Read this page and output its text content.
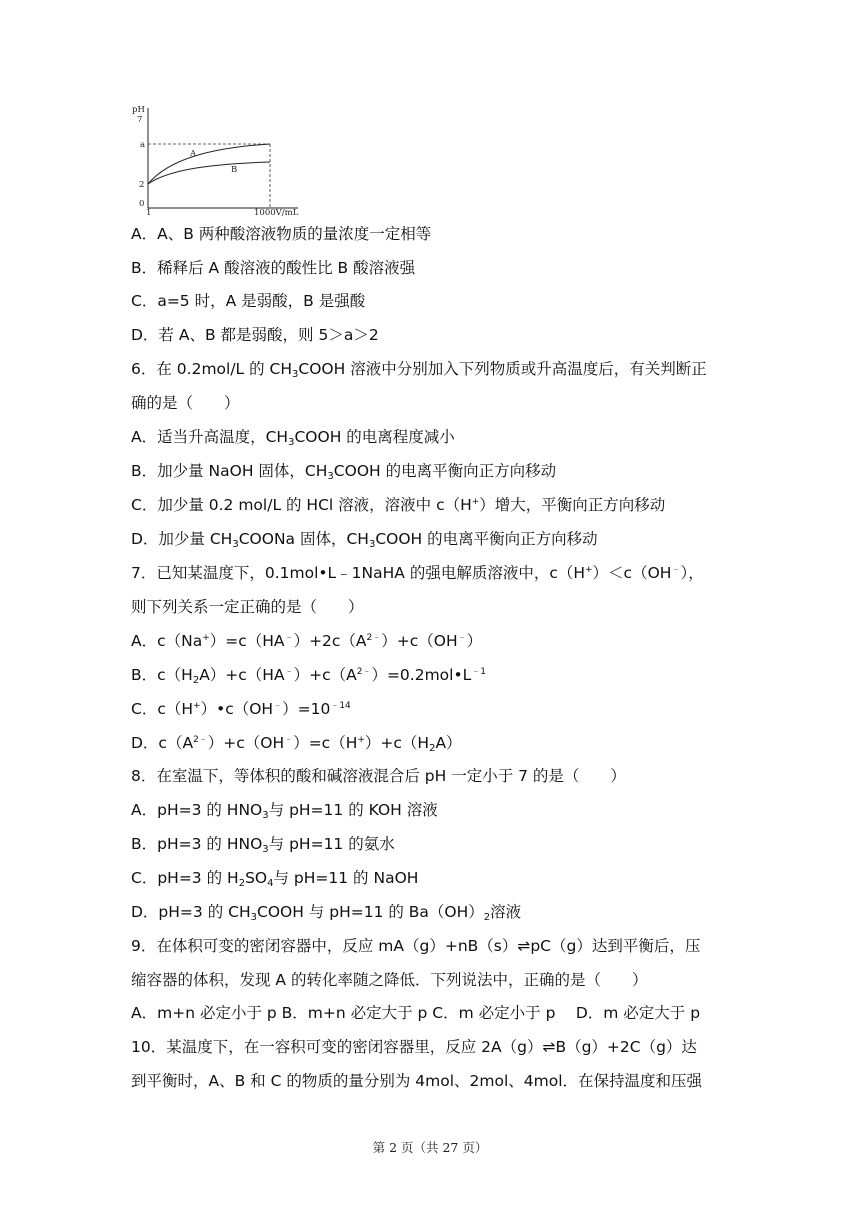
pH
7
a
2
0
1	1000V/mL
A
B
A．A、B 两种酸溶液物质的量浓度一定相等
B．稀释后 A 酸溶液的酸性比 B 酸溶液强
C．a=5 时，A 是弱酸，B 是强酸
D．若 A、B 都是弱酸，则 5＞a＞2
6．在 0.2mol/L 的 $CH_3COOH$ 溶液中分别加入下列物质或升高温度后，有关判断正
确的是（　　）
A．适当升高温度，$CH_3COOH$ 的电离程度减小
B．加少量 NaOH 固体，$CH_3COOH$ 的电离平衡向正方向移动
C．加少量 0.2 mol/L 的 HCl 溶液，溶液中 c（H+）增大，平衡向正方向移动
D．加少量 $CH_3COONa$ 固体，$CH_3COOH$ 的电离平衡向正方向移动
7．已知某温度下，0.1mol•L﹣1NaHA 的强电解质溶液中，c（H+）＜c（OH﹣），
则下列关系一定正确的是（　　）
A．$c(Na^+)=c(HA^﹣)+2c(A^{2﹣})+c(OH^﹣)$
B．$c(H_2A)+c(HA^﹣)+c(A^{2﹣})=0.2mol•L^{﹣1}$
C．$c(H^+)•c(OH^﹣)=10^{﹣14}$
D．$c(A^{2﹣})+c(OH^﹣)=c(H^+)+c(H_2A)$
8．在室温下，等体积的酸和碱溶液混合后 pH 一定小于 7 的是（　　）
A．pH=3 的 $HNO_3$与 pH=11 的 KOH 溶液
B．pH=3 的 $HNO_3$与 pH=11 的氨水
C．pH=3 的 $H_2SO_4$与 pH=11 的 NaOH
D．pH=3 的 $CH_3COOH$ 与 pH=11 的 $Ba(OH)_2$溶液
9．在体积可变的密闭容器中，反应 mA（g）+nB（s）⇌pC（g）达到平衡后，压
缩容器的体积，发现 A 的转化率随之降低．下列说法中，正确的是（　　）
A．m+n 必定小于 p B．m+n 必定大于 p C．m 必定小于 p　 D．m 必定大于 p
10．某温度下，在一容积可变的密闭容器里，反应 2A（g）⇌B（g）+2C（g）达
到平衡时，A、B 和 C 的物质的量分别为 4mol、2mol、4mol．在保持温度和压强
第 2 页（共 27 页）
